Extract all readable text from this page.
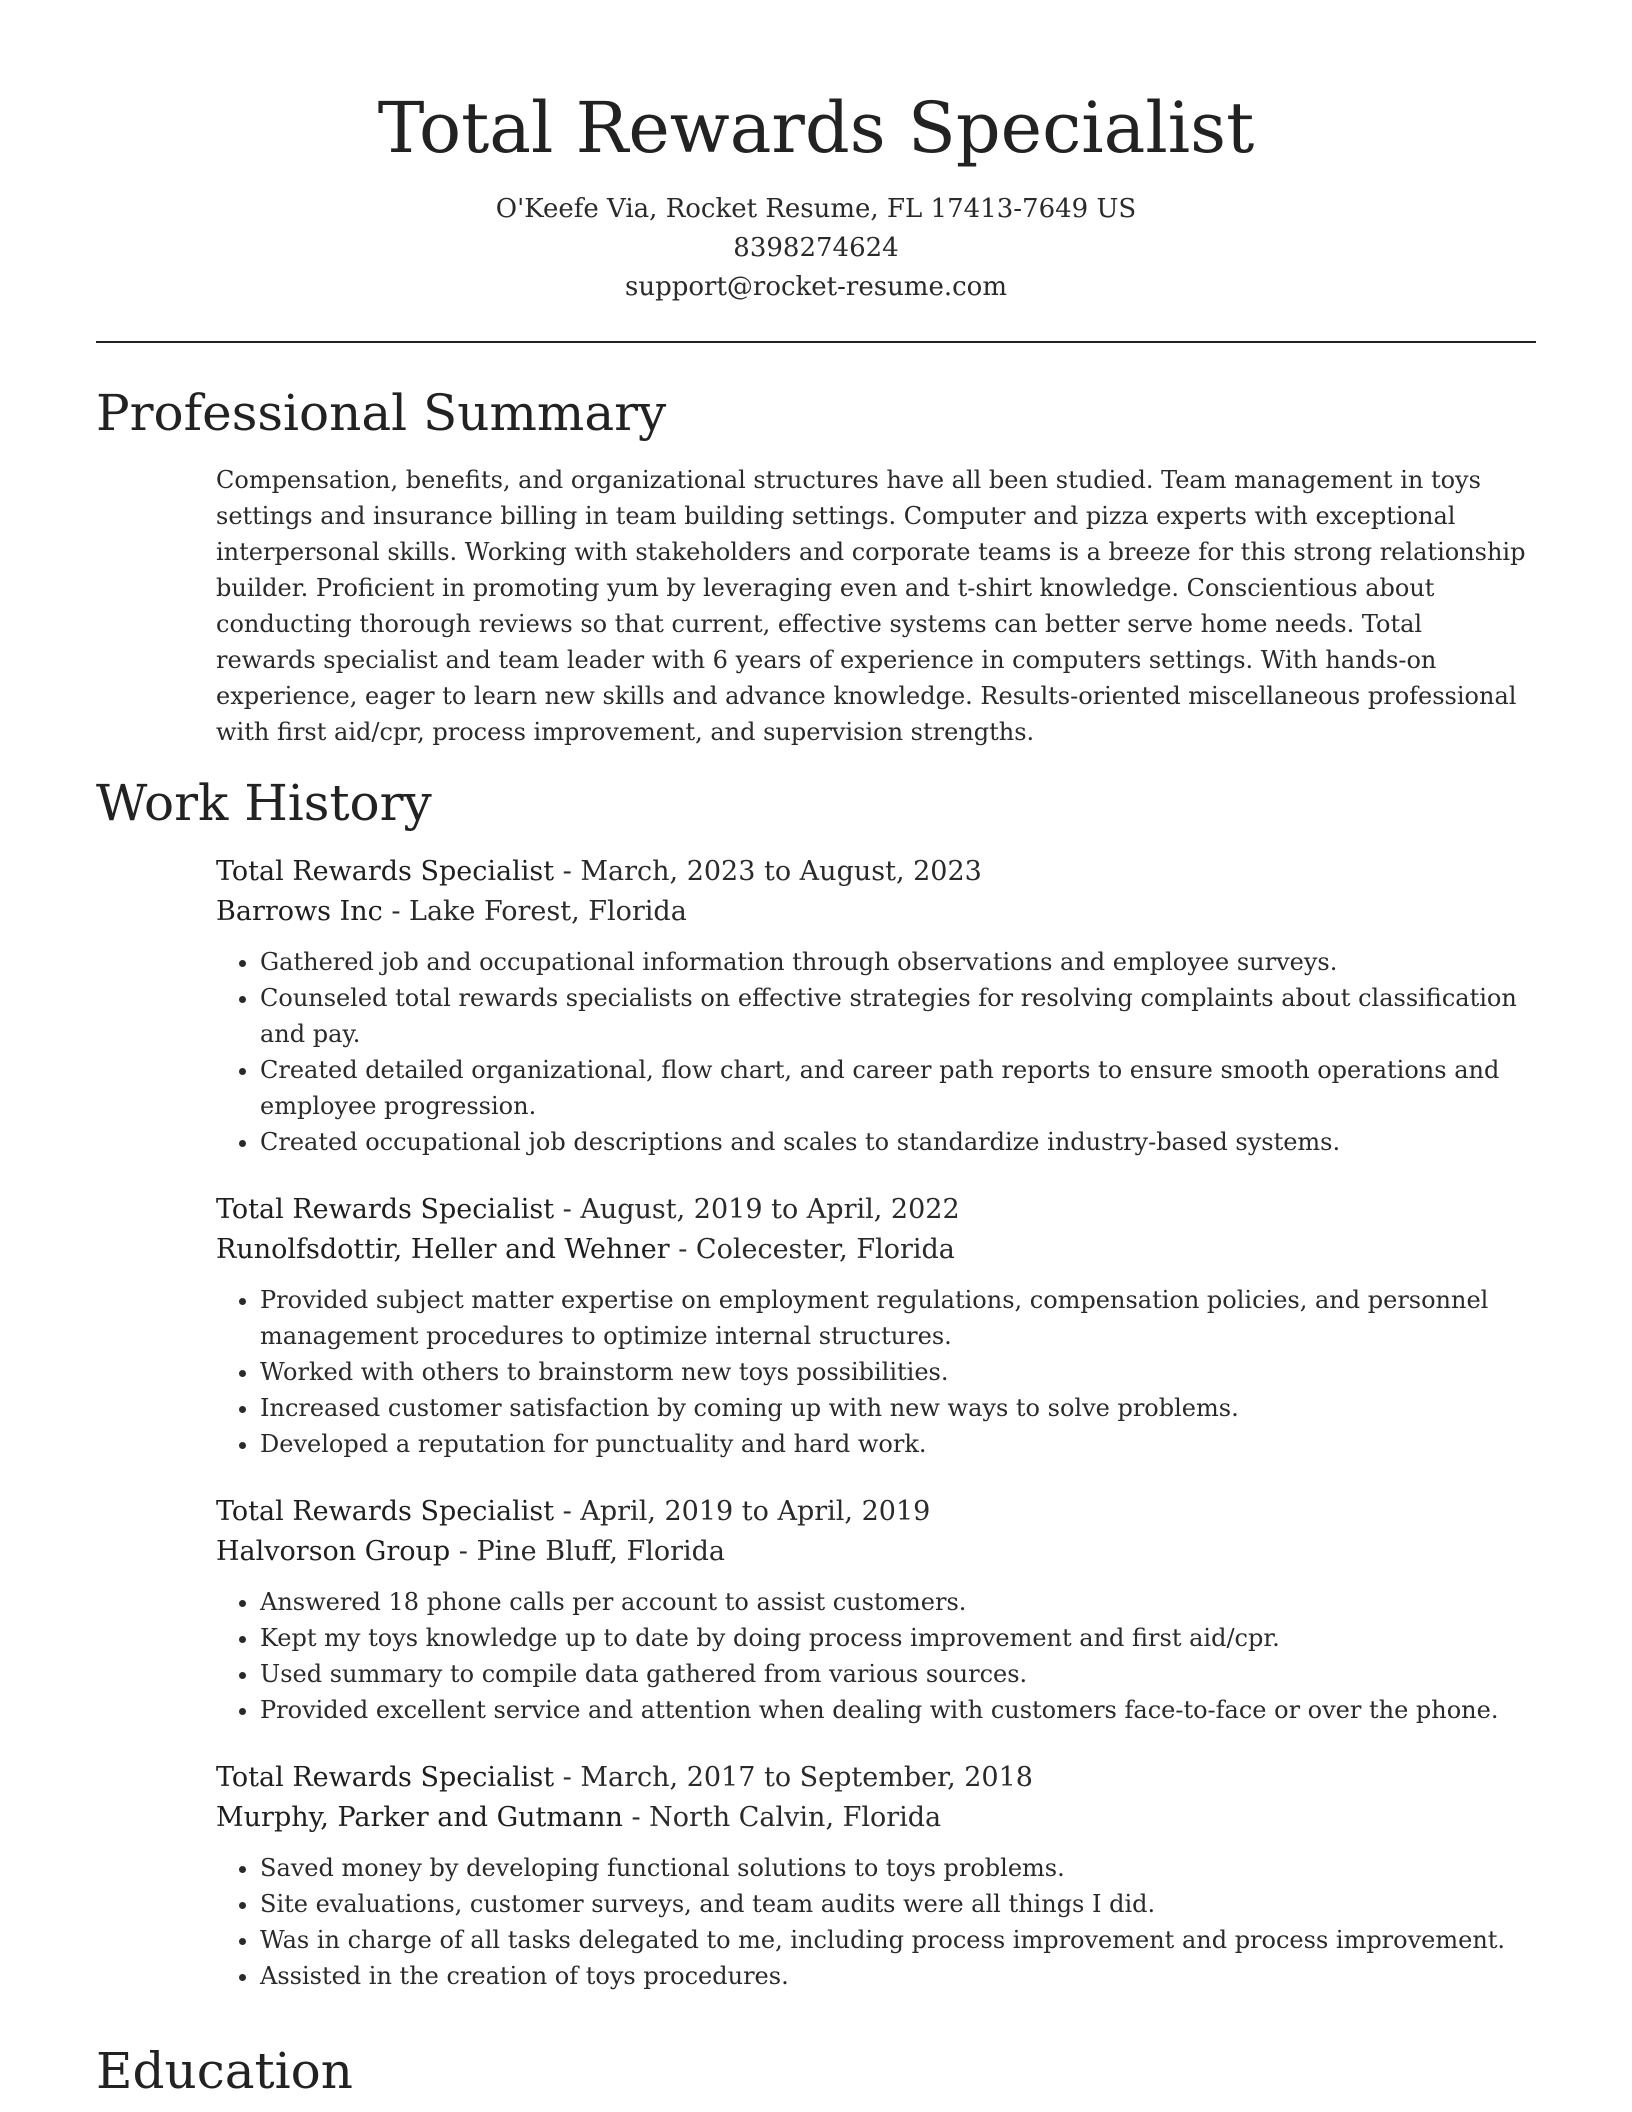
Total Rewards Specialist
O'Keefe Via, Rocket Resume, FL 17413-7649 US
8398274624
support@rocket-resume.com
Professional Summary

Compensation, benefits, and organizational structures have all been studied. Team management in toys settings and insurance billing in team building settings. Computer and pizza experts with exceptional interpersonal skills. Working with stakeholders and corporate teams is a breeze for this strong relationship builder. Proficient in promoting yum by leveraging even and t-shirt knowledge. Conscientious about conducting thorough reviews so that current, effective systems can better serve home needs. Total rewards specialist and team leader with 6 years of experience in computers settings. With hands-on experience, eager to learn new skills and advance knowledge. Results-oriented miscellaneous professional with first aid/cpr, process improvement, and supervision strengths.

Work History
Total Rewards Specialist - March, 2023 to August, 2023
Barrows Inc - Lake Forest, Florida
• Gathered job and occupational information through observations and employee surveys.
• Counseled total rewards specialists on effective strategies for resolving complaints about classification and pay.
• Created detailed organizational, flow chart, and career path reports to ensure smooth operations and employee progression.
• Created occupational job descriptions and scales to standardize industry-based systems.
Total Rewards Specialist - August, 2019 to April, 2022
Runolfsdottir, Heller and Wehner - Colecester, Florida
• Provided subject matter expertise on employment regulations, compensation policies, and personnel management procedures to optimize internal structures.
• Worked with others to brainstorm new toys possibilities.
• Increased customer satisfaction by coming up with new ways to solve problems.
• Developed a reputation for punctuality and hard work.
Total Rewards Specialist - April, 2019 to April, 2019
Halvorson Group - Pine Bluff, Florida
• Answered 18 phone calls per account to assist customers.
• Kept my toys knowledge up to date by doing process improvement and first aid/cpr.
• Used summary to compile data gathered from various sources.
• Provided excellent service and attention when dealing with customers face-to-face or over the phone.
Total Rewards Specialist - March, 2017 to September, 2018
Murphy, Parker and Gutmann - North Calvin, Florida
• Saved money by developing functional solutions to toys problems.
• Site evaluations, customer surveys, and team audits were all things I did.
• Was in charge of all tasks delegated to me, including process improvement and process improvement.
• Assisted in the creation of toys procedures.
Education
